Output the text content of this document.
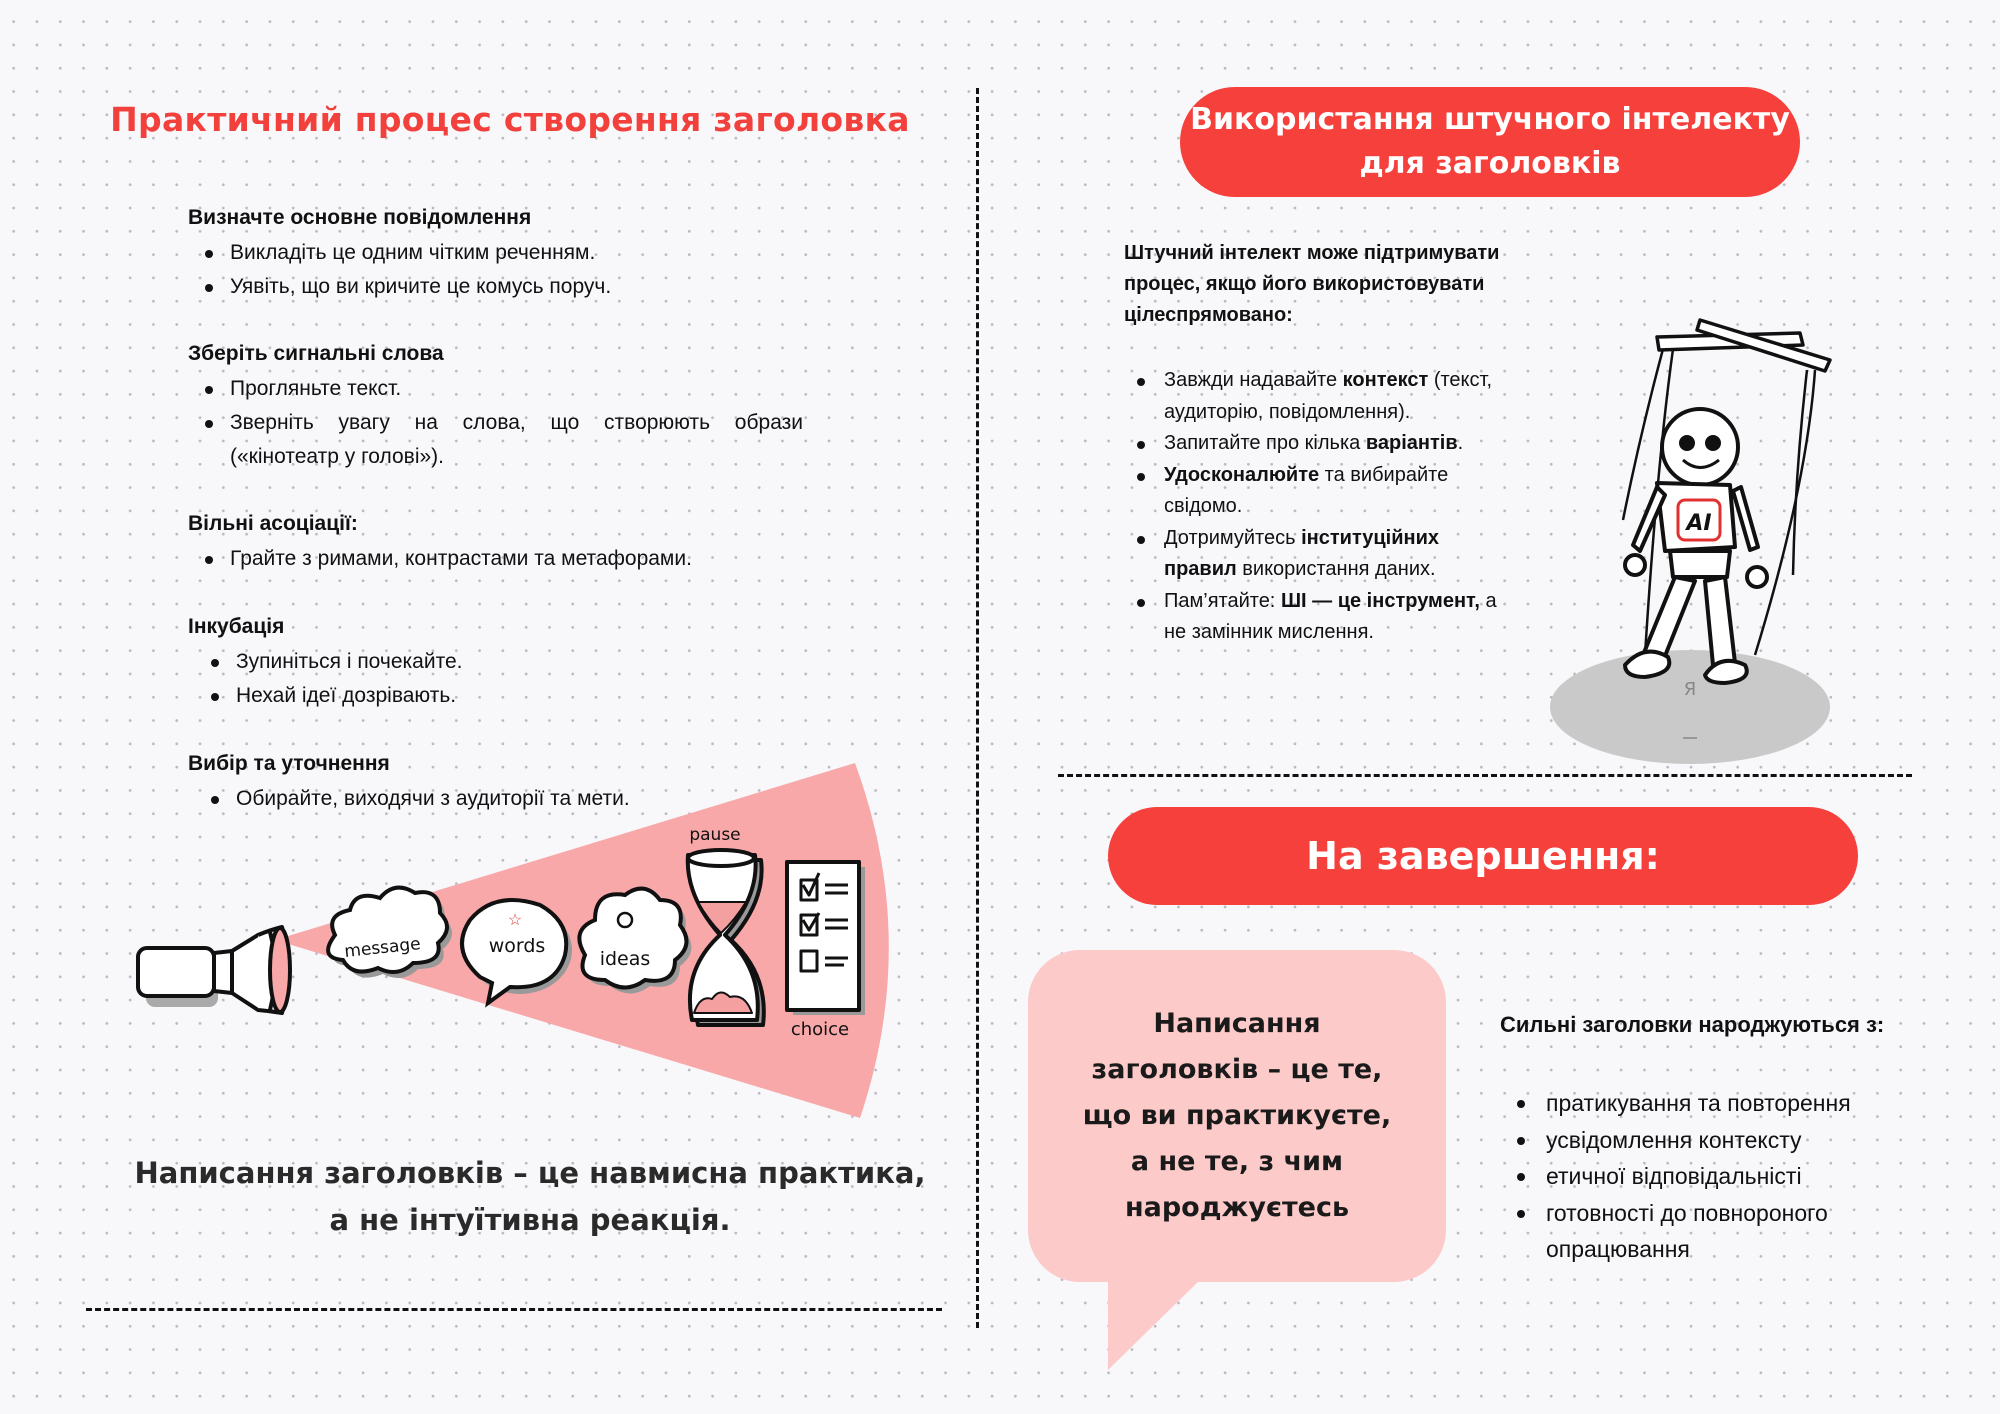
Практичний процес створення заголовка
Визначте основне повідомлення
Викладіть це одним чітким реченням.
Уявіть, що ви кричите це комусь поруч.
Зберіть сигнальні слова
Прогляньте текст.
Зверніть увагу на слова, що створюють образи («кінотеатр у голові»).
Вільні асоціації:
Грайте з римами, контрастами та метафорами.
Інкубація
Зупиніться і почекайте.
Нехай ідеї дозрівають.
Вибір та уточнення
Обирайте, виходячи з аудиторії та мети.
message	words
☆
ideas
pause
choice
Написання заголовків – це навмисна практика,
а не інтуїтивна реакція.
Використання штучного інтелекту
для заголовків
Штучний інтелект може підтримувати процес, якщо його використовувати цілеспрямовано:
Завжди надавайте контекст (текст, аудиторію, повідомлення).
Запитайте про кілька варіантів.
Удосконалюйте та вибирайте свідомо.
Дотримуйтесь інституційних правил використання даних.
Пам’ятайте: ШІ — це інструмент, а не замінник мислення.
Я
AI
На завершення:
Написання
заголовків – це те,
що ви практикуєте,
а не те, з чим
народжуєтесь
Сильні заголовки народжуються з:
пратикування та повторення
усвідомлення контексту
етичної відповідальністі
готовності до повнороного опрацювання
